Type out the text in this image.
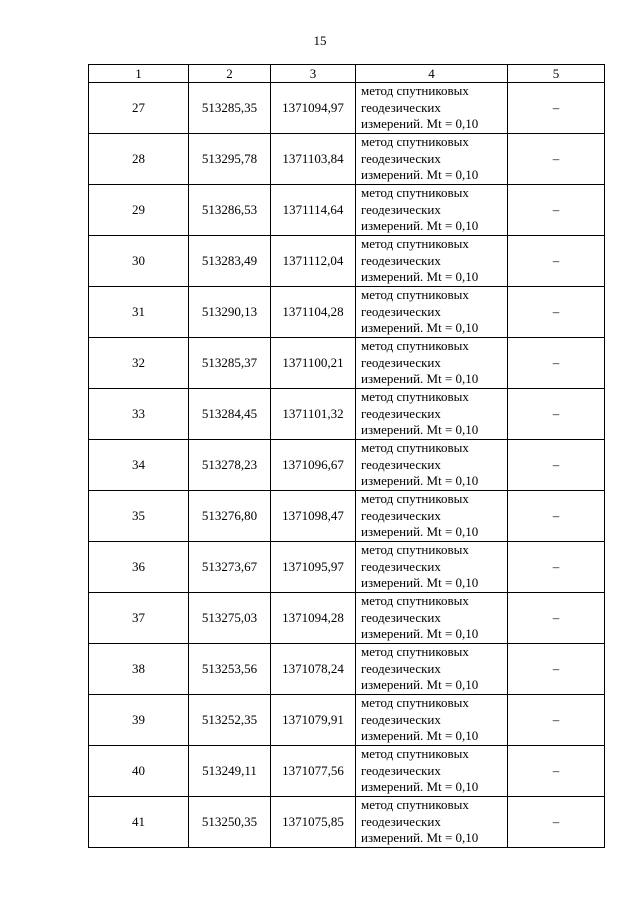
15
1	2	3	4	5
27	513285,35	1371094,97	метод спутниковых
геодезических
измерений. Mt = 0,10	–
28	513295,78	1371103,84	метод спутниковых
геодезических
измерений. Mt = 0,10	–
29	513286,53	1371114,64	метод спутниковых
геодезических
измерений. Mt = 0,10	–
30	513283,49	1371112,04	метод спутниковых
геодезических
измерений. Mt = 0,10	–
31	513290,13	1371104,28	метод спутниковых
геодезических
измерений. Mt = 0,10	–
32	513285,37	1371100,21	метод спутниковых
геодезических
измерений. Mt = 0,10	–
33	513284,45	1371101,32	метод спутниковых
геодезических
измерений. Mt = 0,10	–
34	513278,23	1371096,67	метод спутниковых
геодезических
измерений. Mt = 0,10	–
35	513276,80	1371098,47	метод спутниковых
геодезических
измерений. Mt = 0,10	–
36	513273,67	1371095,97	метод спутниковых
геодезических
измерений. Mt = 0,10	–
37	513275,03	1371094,28	метод спутниковых
геодезических
измерений. Mt = 0,10	–
38	513253,56	1371078,24	метод спутниковых
геодезических
измерений. Mt = 0,10	–
39	513252,35	1371079,91	метод спутниковых
геодезических
измерений. Mt = 0,10	–
40	513249,11	1371077,56	метод спутниковых
геодезических
измерений. Mt = 0,10	–
41	513250,35	1371075,85	метод спутниковых
геодезических
измерений. Mt = 0,10	–
